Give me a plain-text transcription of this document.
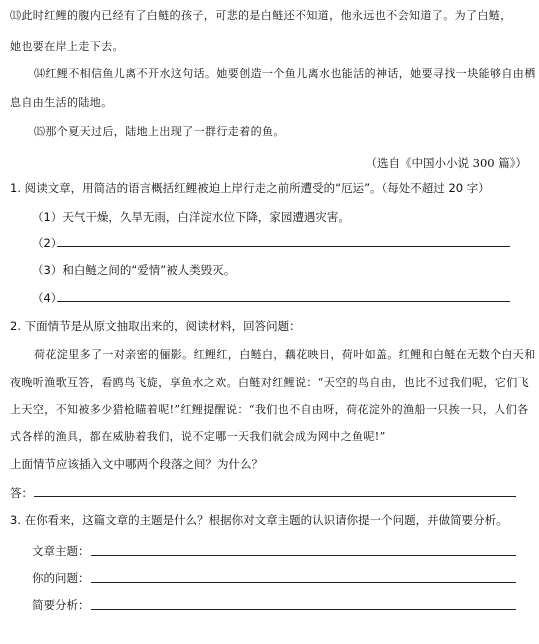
⒀此时红鲤的腹内已经有了白鲢的孩子，可悲的是白鲢还不知道，他永远也不会知道了。为了白鲢，
她也要在岸上走下去。
⒁红鲤不相信鱼儿离不开水这句话。她要创造一个鱼儿离水也能活的神话，她要寻找一块能够自由栖
息自由生活的陆地。
⒂那个夏天过后，陆地上出现了一群行走着的鱼。
（选自《中国小小说 300 篇》）
1. 阅读文章，用简洁的语言概括红鲤被迫上岸行走之前所遭受的“厄运”。（每处不超过 20 字）
（1）天气干燥，久旱无雨，白洋淀水位下降，家园遭遇灾害。
（2）
（3）和白鲢之间的“爱情”被人类毁灭。
（4）
2. 下面情节是从原文抽取出来的，阅读材料，回答问题：
荷花淀里多了一对亲密的俪影。红鲤红，白鲢白，藕花映日，荷叶如盖。红鲤和白鲢在无数个白天和
夜晚听渔歌互答，看鸥鸟飞旋，享鱼水之欢。白鲢对红鲤说：“天空的鸟自由，也比不过我们呢，它们飞
上天空，不知被多少猎枪瞄着呢!”红鲤提醒说：“我们也不自由呀，荷花淀外的渔船一只挨一只，人们各
式各样的渔具，都在威胁着我们，说不定哪一天我们就会成为网中之鱼呢!”
上面情节应该插入文中哪两个段落之间？为什么？
答：
3. 在你看来，这篇文章的主题是什么？根据你对文章主题的认识请你提一个问题，并做简要分析。
文章主题：
你的问题：
简要分析：
